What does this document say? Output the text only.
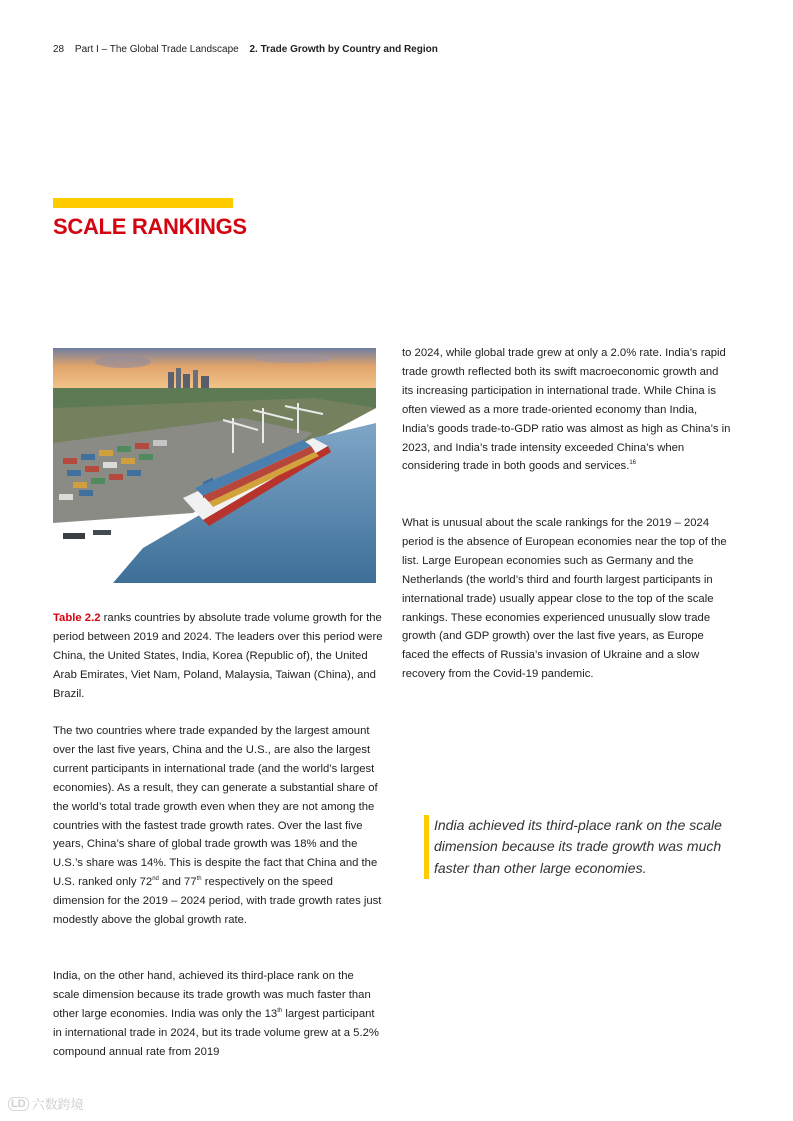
28 Part I – The Global Trade Landscape 2. Trade Growth by Country and Region
SCALE RANKINGS

Table 2.2 ranks countries by absolute trade volume growth for the period between 2019 and 2024. The leaders over this period were China, the United States, India, Korea (Republic of), the United Arab Emirates, Viet Nam, Poland, Malaysia, Taiwan (China), and Brazil.

The two countries where trade expanded by the largest amount over the last five years, China and the U.S., are also the largest current participants in international trade (and the world’s largest economies). As a result, they can generate a substantial share of the world’s total trade growth even when they are not among the countries with the fastest trade growth rates. Over the last five years, China’s share of global trade growth was 18% and the U.S.’s share was 14%. This is despite the fact that China and the U.S. ranked only 72nd and 77th respectively on the speed dimension for the 2019 – 2024 period, with trade growth rates just modestly above the global growth rate.

India, on the other hand, achieved its third-place rank on the scale dimension because its trade growth was much faster than other large economies. India was only the 13th largest participant in international trade in 2024, but its trade volume grew at a 5.2% compound annual rate from 2019

to 2024, while global trade grew at only a 2.0% rate. India’s rapid trade growth reflected both its swift macroeconomic growth and its increasing participation in international trade. While China is often viewed as a more trade-oriented economy than India, India’s goods trade-to-GDP ratio was almost as high as China’s in 2023, and India’s trade intensity exceeded China’s when considering trade in both goods and services.$^{16}$

What is unusual about the scale rankings for the 2019 – 2024 period is the absence of European economies near the top of the list. Large European economies such as Germany and the Netherlands (the world’s third and fourth largest participants in international trade) usually appear close to the top of the scale rankings. These economies experienced unusually slow trade growth (and GDP growth) over the last five years, as Europe faced the effects of Russia’s invasion of Ukraine and a slow recovery from the Covid-19 pandemic.

India achieved its third-place rank on the scale dimension because its trade growth was much faster than other large economies.

LD 六数跨境
